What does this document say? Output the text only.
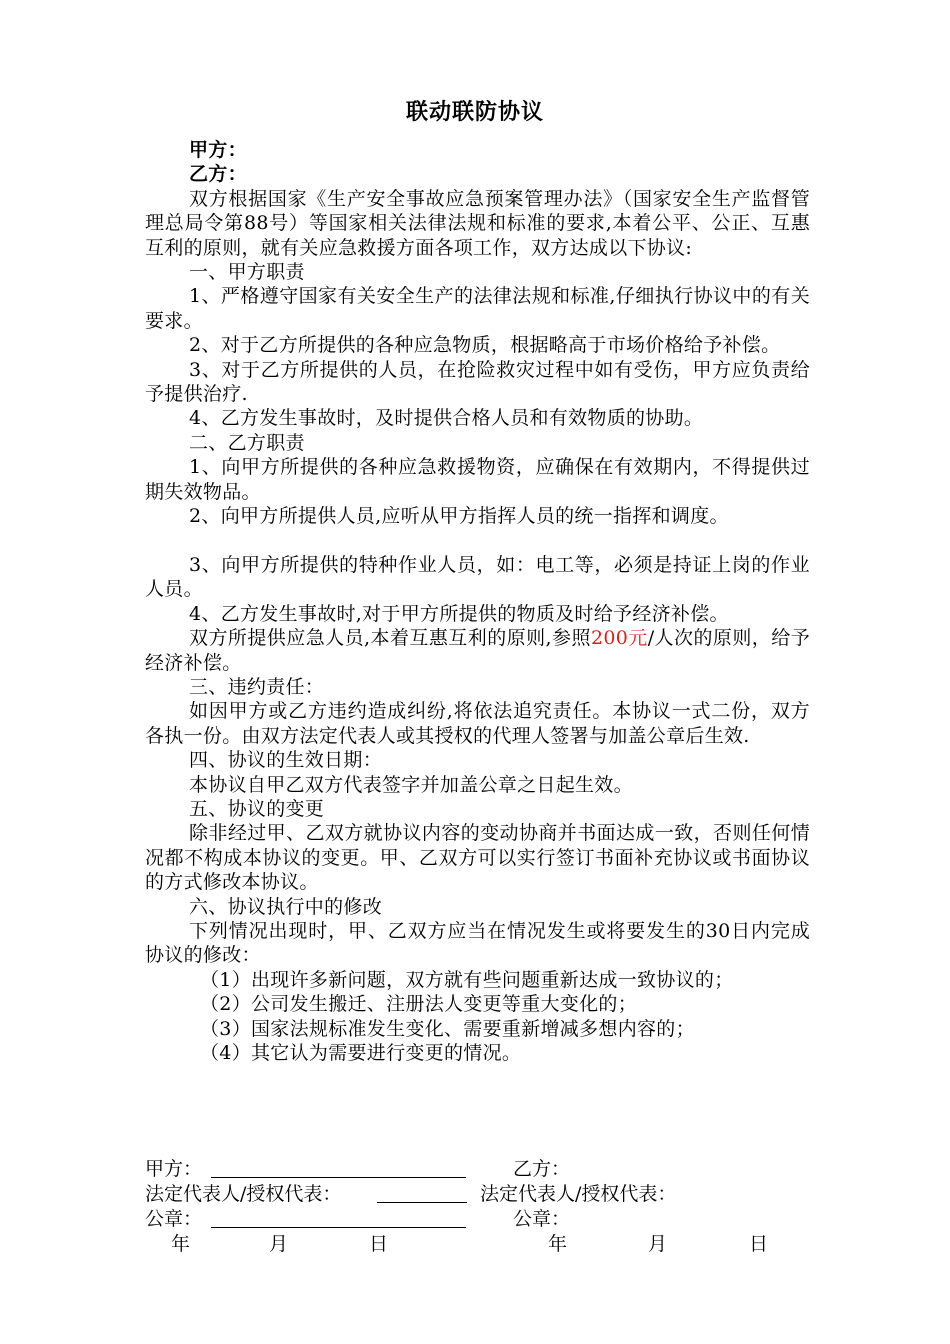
联动联防协议
甲方：
乙方：

双方根据国家《生产安全事故应急预案管理办法》（国家安全生产监督管理总局令第88号）等国家相关法律法规和标准的要求,本着公平、公正、互惠互利的原则，就有关应急救援方面各项工作，双方达成以下协议:

一、甲方职责

1、严格遵守国家有关安全生产的法律法规和标准,仔细执行协议中的有关要求。

2、对于乙方所提供的各种应急物质，根据略高于市场价格给予补偿。

3、对于乙方所提供的人员，在抢险救灾过程中如有受伤，甲方应负责给予提供治疗.

4、乙方发生事故时，及时提供合格人员和有效物质的协助。

二、乙方职责

1、向甲方所提供的各种应急救援物资，应确保在有效期内，不得提供过期失效物品。

2、向甲方所提供人员,应听从甲方指挥人员的统一指挥和调度。

3、向甲方所提供的特种作业人员，如：电工等，必须是持证上岗的作业人员。

4、乙方发生事故时,对于甲方所提供的物质及时给予经济补偿。

双方所提供应急人员,本着互惠互利的原则,参照200元/人次的原则，给予经济补偿。

三、违约责任：

如因甲方或乙方违约造成纠纷,将依法追究责任。本协议一式二份，双方各执一份。由双方法定代表人或其授权的代理人签署与加盖公章后生效.

四、协议的生效日期：

本协议自甲乙双方代表签字并加盖公章之日起生效。

五、协议的变更

除非经过甲、乙双方就协议内容的变动协商并书面达成一致，否则任何情况都不构成本协议的变更。甲、乙双方可以实行签订书面补充协议或书面协议的方式修改本协议。

六、协议执行中的修改

下列情况出现时，甲、乙双方应当在情况发生或将要发生的30日内完成协议的修改：

（1）出现许多新问题，双方就有些问题重新达成一致协议的；

（2）公司发生搬迁、注册法人变更等重大变化的；

（3）国家法规标准发生变化、需要重新增减多想内容的；

（4）其它认为需要进行变更的情况。

甲方：	乙方：
法定代表人/授权代表：	法定代表人/授权代表：
公章：	公章：
年	月	日	年	月	日
